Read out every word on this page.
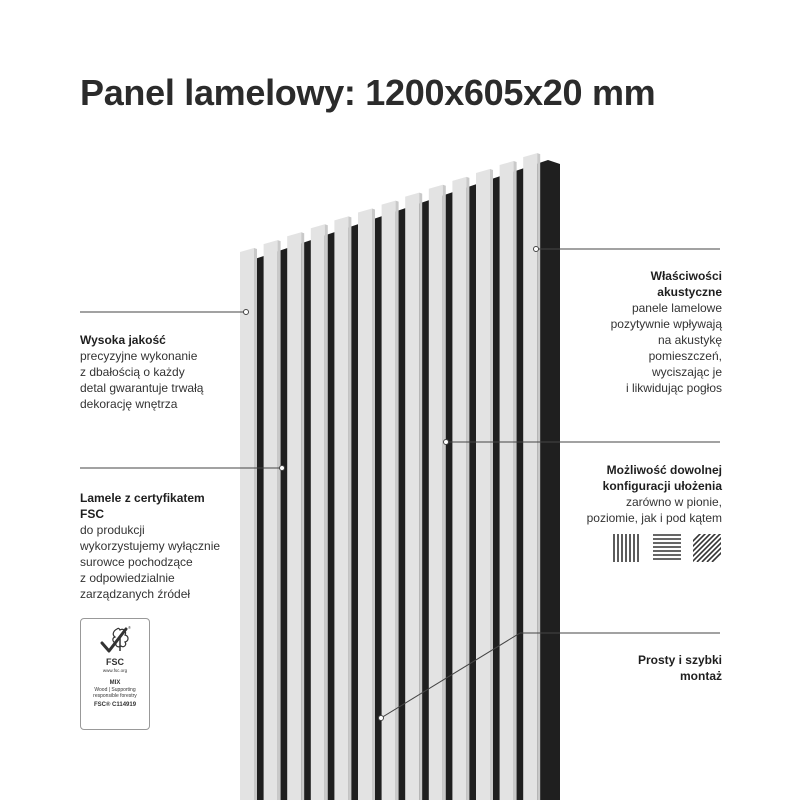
Panel lamelowy: 1200x605x20 mm
Wysoka jakość
precyzyjne wykonanie
z dbałością o każdy
detal gwarantuje trwałą
dekorację wnętrza
Lamele z certyfikatem
FSC
do produkcji
wykorzystujemy wyłącznie
surowce pochodzące
z odpowiedzialnie
zarządzanych źródeł
®
FSC
www.fsc.org
MIX
Wood | Supporting
responsible forestry
FSC® C114919
Właściwości
akustyczne
panele lamelowe
pozytywnie wpływają
na akustykę
pomieszczeń,
wyciszając je
i likwidując pogłos
Możliwość dowolnej
konfiguracji ułożenia
zarówno w pionie,
poziomie, jak i pod kątem
Prosty i szybki
montaż
